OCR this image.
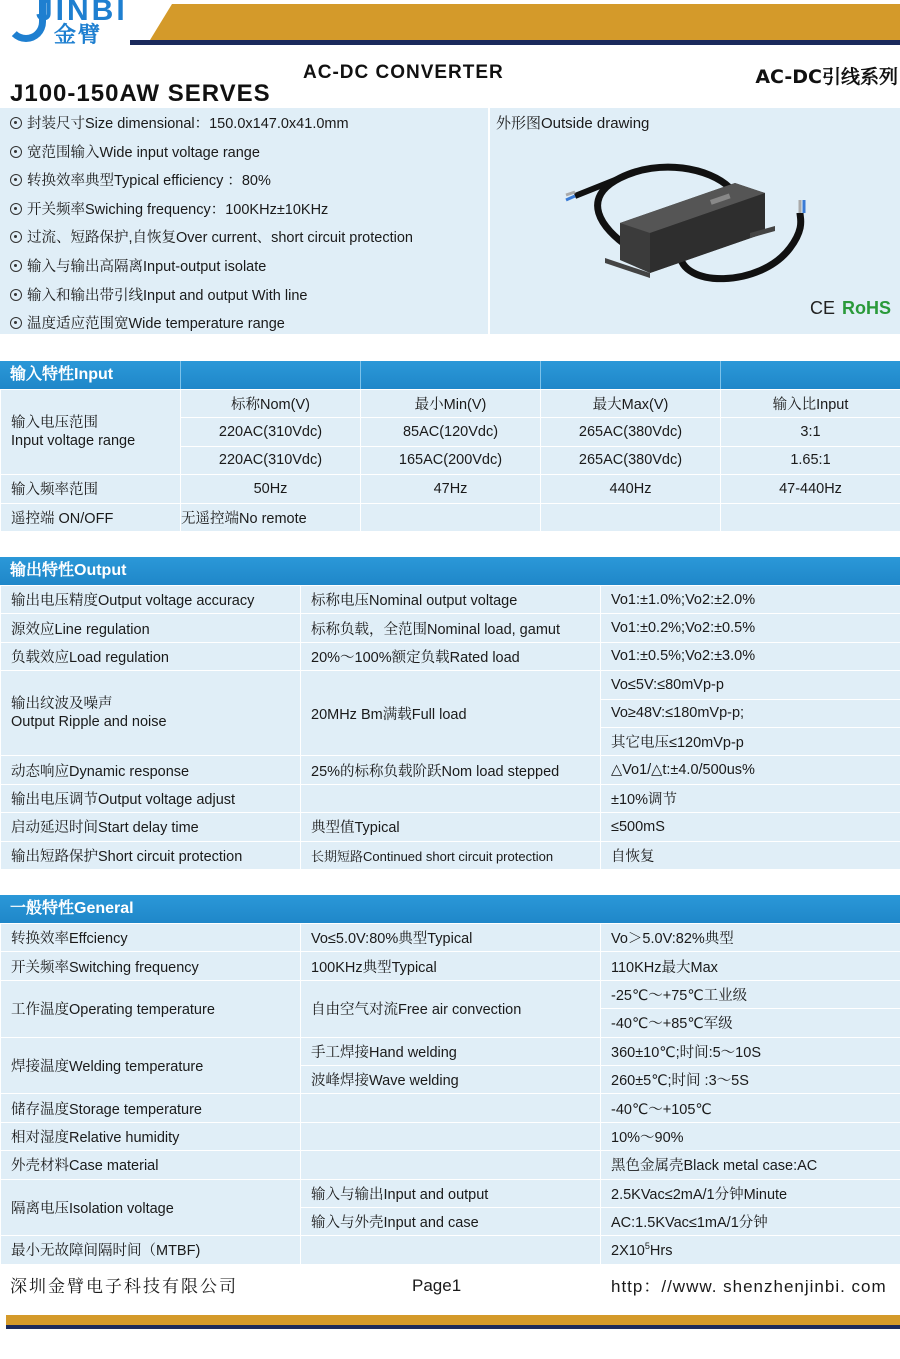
JINBI
金臂
AC-DC CONVERTER	AC-DC引线系列
J100-150AW SERVES
封装尺寸Size dimensional：150.0x147.0x41.0mm
宽范围输入Wide input voltage range
转换效率典型Typical efficiency ：80%
开关频率Swiching frequency：100KHz±10KHz
过流、短路保护,自恢复Over current、short circuit protection
输入与输出高隔离Input-output isolate
输入和输出带引线Input and output With line
温度适应范围宽Wide temperature range
外形图Outside drawing
CE RoHS
输入特性Input
输入电压范围
Input voltage range	标称Nom(V)	最小Min(V)	最大Max(V)	输入比Input
	220AC(310Vdc)	85AC(120Vdc)	265AC(380Vdc)	3:1
	220AC(310Vdc)	165AC(200Vdc)	265AC(380Vdc)	1.65:1
输入频率范围	50Hz	47Hz	440Hz	47-440Hz
遥控端 ON/OFF	无遥控端No remote			
输出特性Output
输出电压精度Output voltage accuracy	标称电压Nominal output voltage	Vo1:±1.0%;Vo2:±2.0%
源效应Line regulation	标称负载，全范围Nominal load, gamut	Vo1:±0.2%;Vo2:±0.5%
负载效应Load regulation	20%～100%额定负载Rated load	Vo1:±0.5%;Vo2:±3.0%

输出纹波及噪声
Output Ripple and noise	20MHz Bm满载Full load	Vo≤5V:≤80mVp-p
		Vo≥48V:≤180mVp-p;
		其它电压≤120mVp-p
动态响应Dynamic response	25%的标称负载阶跃Nom load stepped	△Vo1/△t:±4.0/500us%
输出电压调节Output voltage adjust		±10%调节
启动延迟时间Start delay time	典型值Typical	≤500mS
输出短路保护Short circuit protection	长期短路Continued short circuit protection	自恢复
一般特性General
转换效率Effciency	Vo≤5.0V:80%典型Typical	Vo＞5.0V:82%典型
开关频率Switching frequency	100KHz典型Typical	110KHz最大Max
工作温度Operating temperature	自由空气对流Free air convection	-25℃～+75℃工业级
		-40℃～+85℃军级
焊接温度Welding temperature	手工焊接Hand welding	360±10℃;时间:5～10S
	波峰焊接Wave welding	260±5℃;时间 :3～5S
储存温度Storage temperature		-40℃～+105℃
相对湿度Relative humidity		10%～90%
外壳材料Case material		黑色金属壳Black metal case:AC
隔离电压Isolation voltage	输入与输出Input and output	2.5KVac≤2mA/1分钟Minute
	输入与外壳Input and case	AC:1.5KVac≤1mA/1分钟
最小无故障间隔时间（MTBF)		$2X10^5Hrs$
深圳金臂电子科技有限公司	Page1	http：//www. shenzhenjinbi. com
